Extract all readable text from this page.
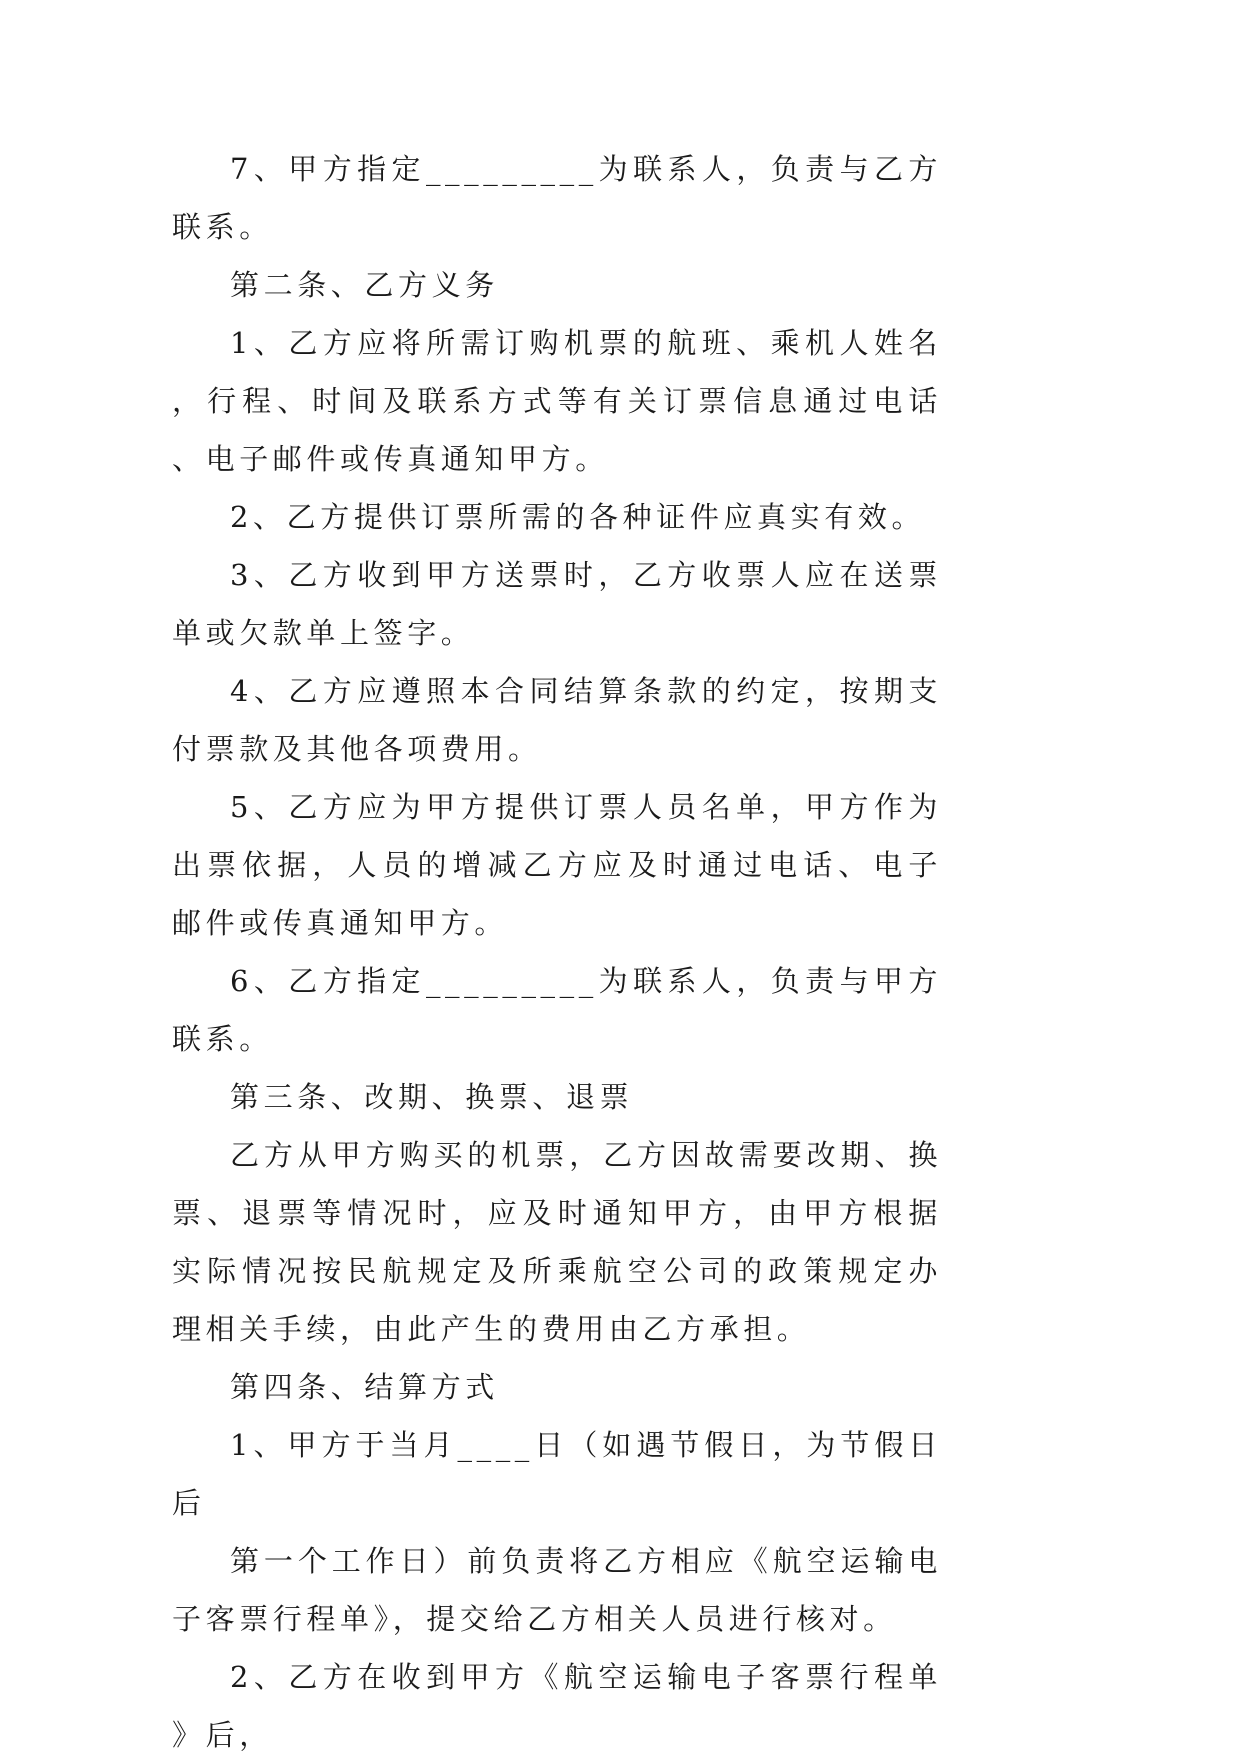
7、甲方指定_________为联系人，负责与乙方联系。

第二条、乙方义务

1、乙方应将所需订购机票的航班、乘机人姓名，行程、时间及联系方式等有关订票信息通过电话、电子邮件或传真通知甲方。

2、乙方提供订票所需的各种证件应真实有效。

3、乙方收到甲方送票时，乙方收票人应在送票单或欠款单上签字。

4、乙方应遵照本合同结算条款的约定，按期支付票款及其他各项费用。

5、乙方应为甲方提供订票人员名单，甲方作为出票依据，人员的增减乙方应及时通过电话、电子邮件或传真通知甲方。

6、乙方指定_________为联系人，负责与甲方联系。

第三条、改期、换票、退票

乙方从甲方购买的机票，乙方因故需要改期、换票、退票等情况时，应及时通知甲方，由甲方根据实际情况按民航规定及所乘航空公司的政策规定办理相关手续，由此产生的费用由乙方承担。

第四条、结算方式

1、甲方于当月____日（如遇节假日，为节假日后

第一个工作日）前负责将乙方相应《航空运输电子客票行程单》，提交给乙方相关人员进行核对。

2、乙方在收到甲方《航空运输电子客票行程单》后，
